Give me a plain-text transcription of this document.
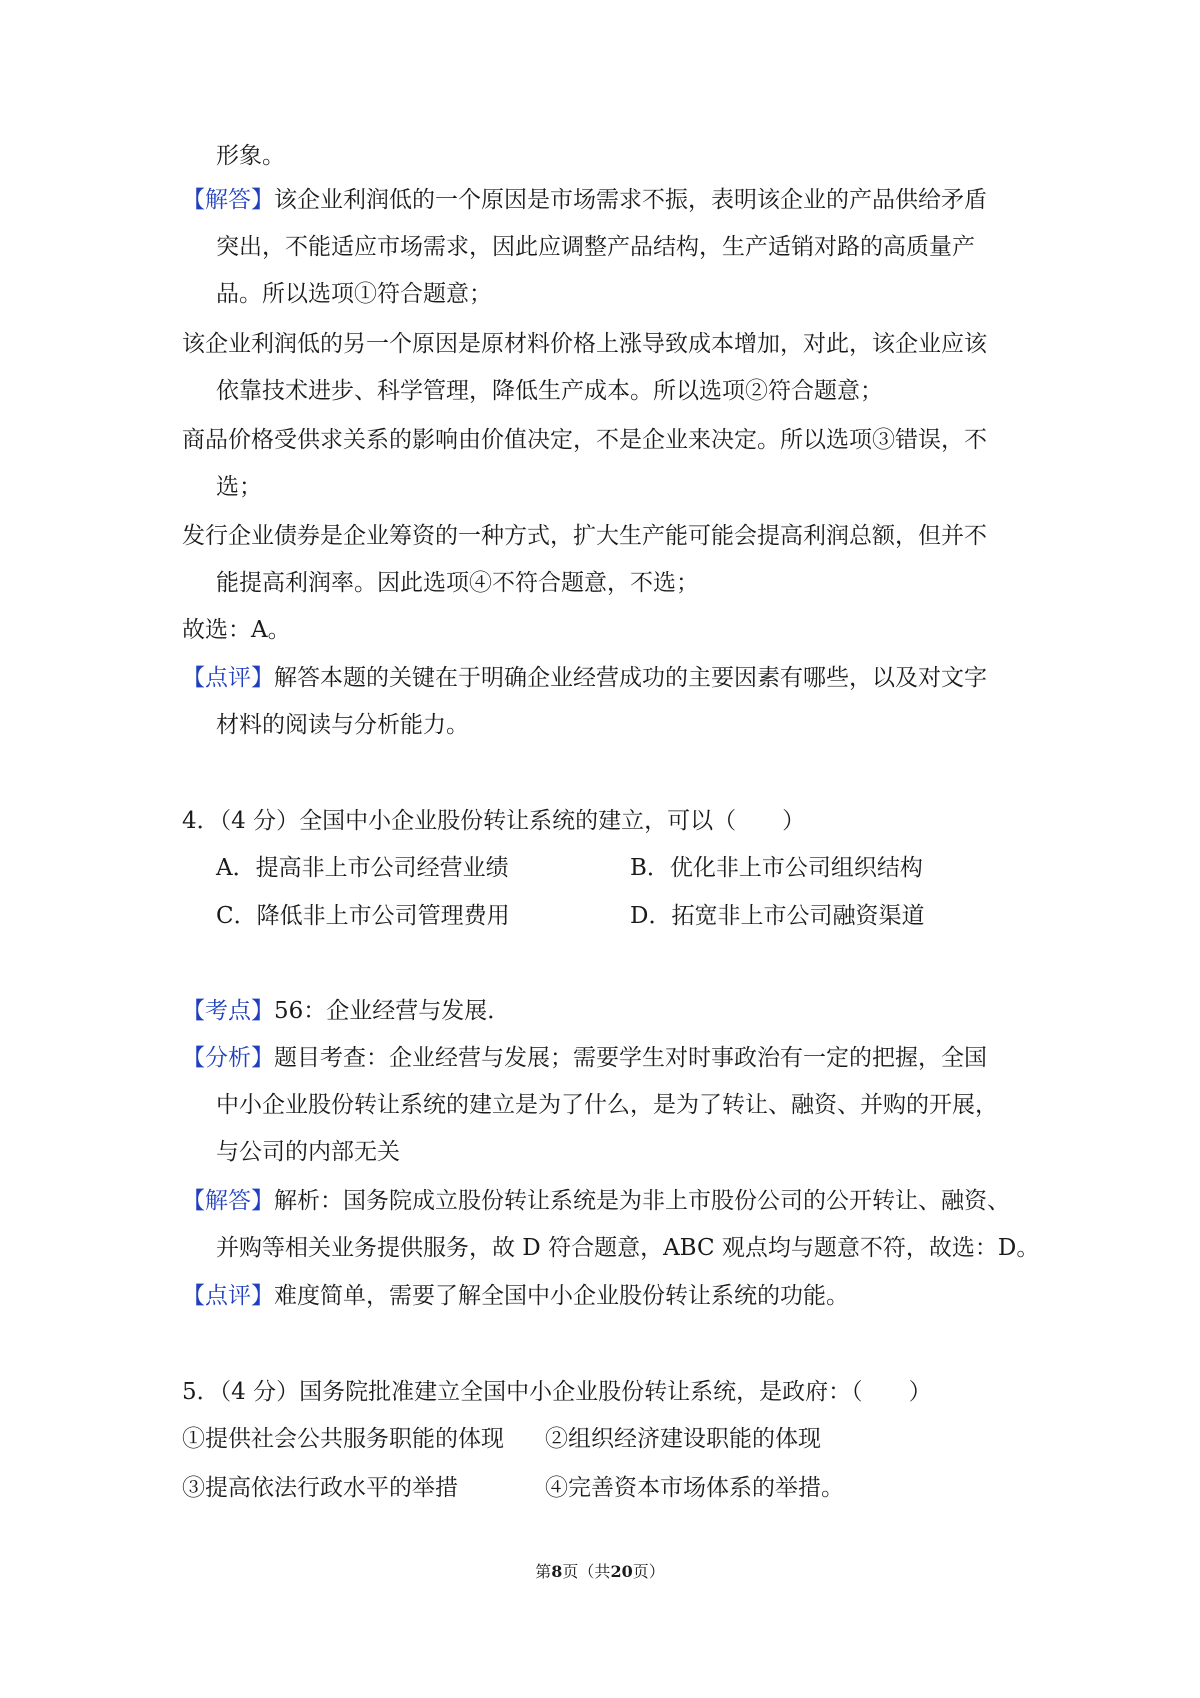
形象。
【解答】该企业利润低的一个原因是市场需求不振，表明该企业的产品供给矛盾
突出，不能适应市场需求，因此应调整产品结构，生产适销对路的高质量产
品。所以选项①符合题意；
该企业利润低的另一个原因是原材料价格上涨导致成本增加，对此，该企业应该
依靠技术进步、科学管理，降低生产成本。所以选项②符合题意；
商品价格受供求关系的影响由价值决定，不是企业来决定。所以选项③错误，不
选；
发行企业债券是企业筹资的一种方式，扩大生产能可能会提高利润总额，但并不
能提高利润率。因此选项④不符合题意，不选；
故选：A。
【点评】解答本题的关键在于明确企业经营成功的主要因素有哪些，以及对文字
材料的阅读与分析能力。
4．（4 分）全国中小企业股份转让系统的建立，可以（　　）
A．提高非上市公司经营业绩	B．优化非上市公司组织结构
C．降低非上市公司管理费用	D．拓宽非上市公司融资渠道
【考点】56：企业经营与发展．
【分析】题目考查：企业经营与发展；需要学生对时事政治有一定的把握，全国
中小企业股份转让系统的建立是为了什么，是为了转让、融资、并购的开展，
与公司的内部无关
【解答】解析：国务院成立股份转让系统是为非上市股份公司的公开转让、融资、
并购等相关业务提供服务，故 D 符合题意，ABC 观点均与题意不符，故选：D。
【点评】难度简单，需要了解全国中小企业股份转让系统的功能。
5．（4 分）国务院批准建立全国中小企业股份转让系统，是政府：（　　）
①提供社会公共服务职能的体现	②组织经济建设职能的体现
③提高依法行政水平的举措	④完善资本市场体系的举措。
第8页（共20页）
